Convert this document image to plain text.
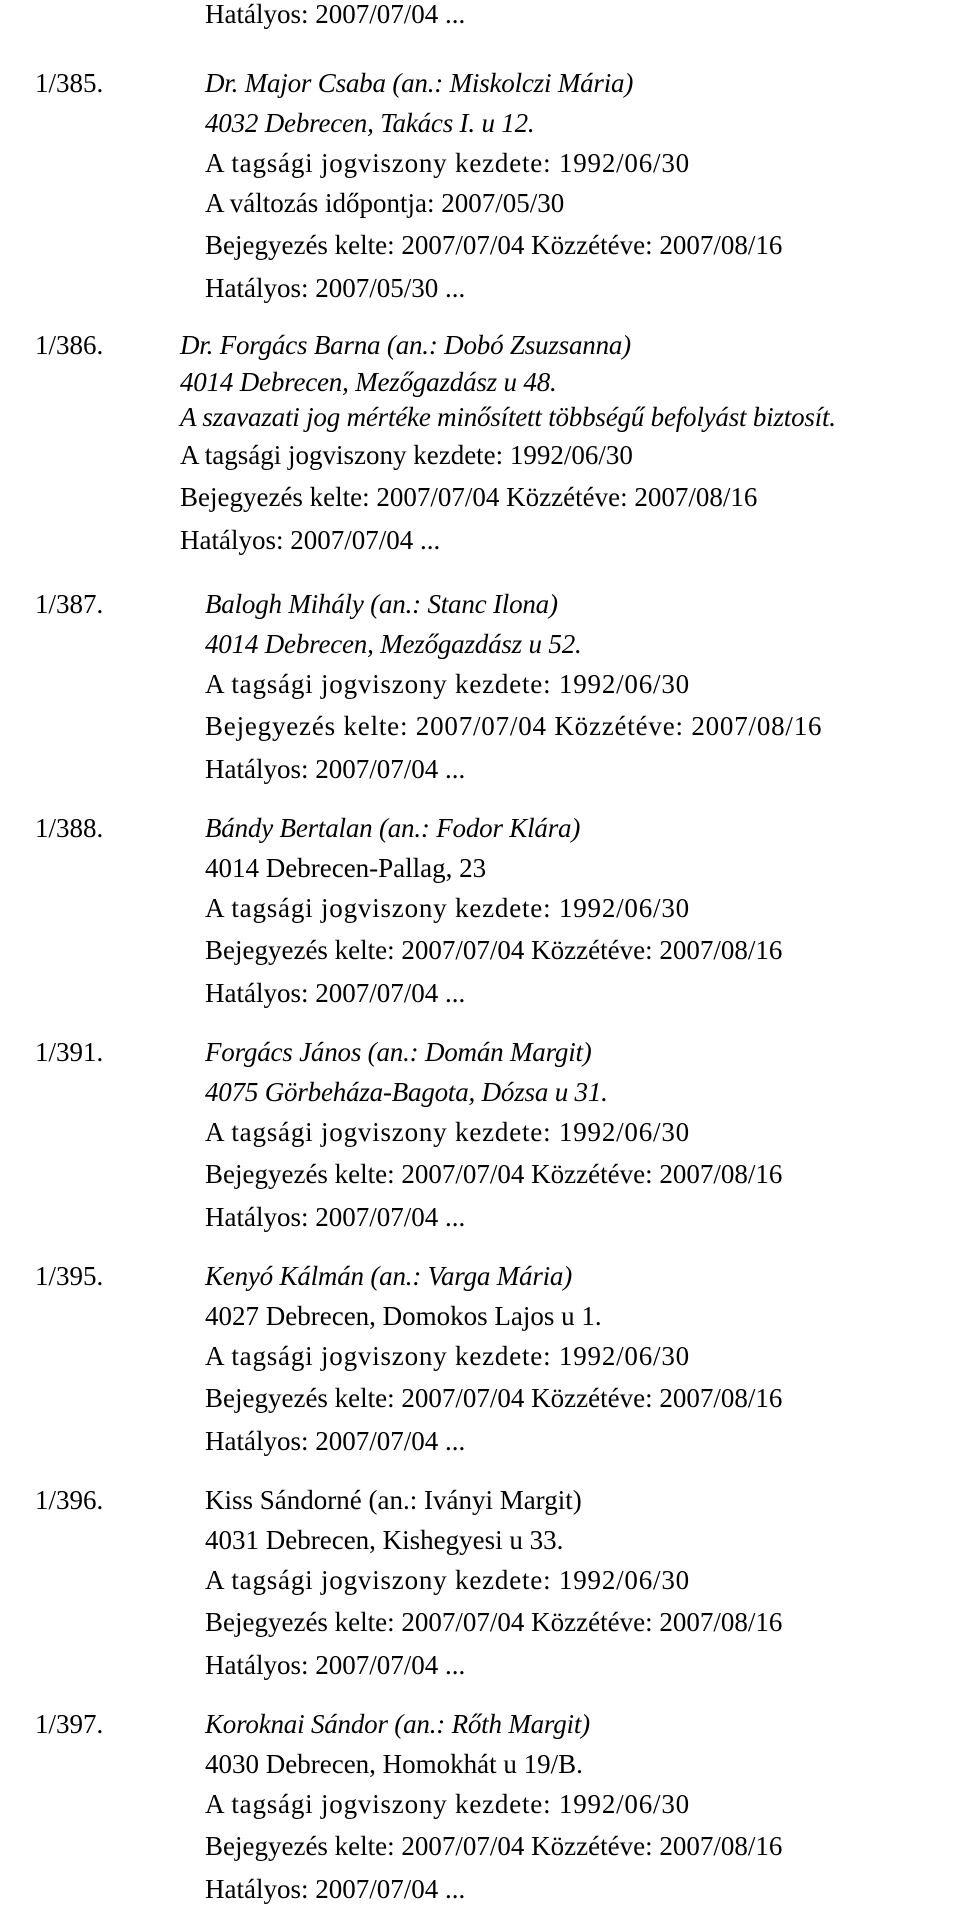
Hatályos: 2007/07/04 ...
1/385.	Dr. Major Csaba (an.: Miskolczi Mária)
4032 Debrecen, Takács I. u 12.
A tagsági jogviszony kezdete: 1992/06/30
A változás időpontja: 2007/05/30
Bejegyezés kelte: 2007/07/04 Közzétéve: 2007/08/16
Hatályos: 2007/05/30 ...
1/386.	Dr. Forgács Barna (an.: Dobó Zsuzsanna)
4014 Debrecen, Mezőgazdász u 48.
A szavazati jog mértéke minősített többségű befolyást biztosít.
A tagsági jogviszony kezdete: 1992/06/30
Bejegyezés kelte: 2007/07/04 Közzétéve: 2007/08/16
Hatályos: 2007/07/04 ...
1/387.	Balogh Mihály (an.: Stanc Ilona)
4014 Debrecen, Mezőgazdász u 52.
A tagsági jogviszony kezdete: 1992/06/30
Bejegyezés kelte: 2007/07/04 Közzétéve: 2007/08/16
Hatályos: 2007/07/04 ...
1/388.	Bándy Bertalan (an.: Fodor Klára)
4014 Debrecen-Pallag, 23
A tagsági jogviszony kezdete: 1992/06/30
Bejegyezés kelte: 2007/07/04 Közzétéve: 2007/08/16
Hatályos: 2007/07/04 ...
1/391.	Forgács János (an.: Domán Margit)
4075 Görbeháza-Bagota, Dózsa u 31.
A tagsági jogviszony kezdete: 1992/06/30
Bejegyezés kelte: 2007/07/04 Közzétéve: 2007/08/16
Hatályos: 2007/07/04 ...
1/395.	Kenyó Kálmán (an.: Varga Mária)
4027 Debrecen, Domokos Lajos u 1.
A tagsági jogviszony kezdete: 1992/06/30
Bejegyezés kelte: 2007/07/04 Közzétéve: 2007/08/16
Hatályos: 2007/07/04 ...
1/396.	Kiss Sándorné (an.: Iványi Margit)
4031 Debrecen, Kishegyesi u 33.
A tagsági jogviszony kezdete: 1992/06/30
Bejegyezés kelte: 2007/07/04 Közzétéve: 2007/08/16
Hatályos: 2007/07/04 ...
1/397.	Koroknai Sándor (an.: Rőth Margit)
4030 Debrecen, Homokhát u 19/B.
A tagsági jogviszony kezdete: 1992/06/30
Bejegyezés kelte: 2007/07/04 Közzétéve: 2007/08/16
Hatályos: 2007/07/04 ...
